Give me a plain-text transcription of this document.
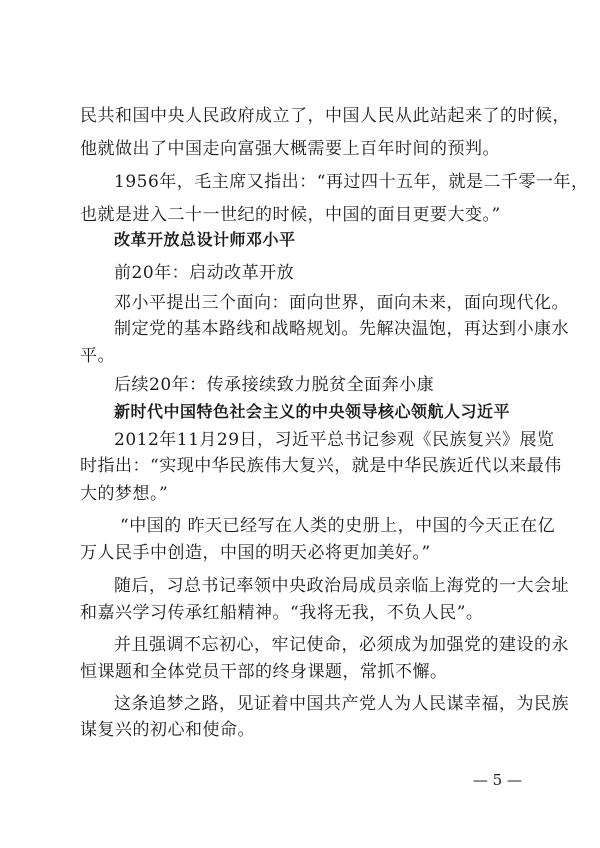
民共和国中央人民政府成立了，中国人民从此站起来了的时候，
他就做出了中国走向富强大概需要上百年时间的预判。
1956年，毛主席又指出：“再过四十五年，就是二千零一年，
也就是进入二十一世纪的时候，中国的面目更要大变。”
改革开放总设计师邓小平
前20年：启动改革开放
邓小平提出三个面向：面向世界，面向未来，面向现代化。
制定党的基本路线和战略规划。先解决温饱，再达到小康水
平。
后续20年：传承接续致力脱贫全面奔小康
新时代中国特色社会主义的中央领导核心领航人习近平
2012年11月29日，习近平总书记参观《民族复兴》展览
时指出：“实现中华民族伟大复兴，就是中华民族近代以来最伟
大的梦想。”
“中国的 昨天已经写在人类的史册上，中国的今天正在亿
万人民手中创造，中国的明天必将更加美好。”
随后，习总书记率领中央政治局成员亲临上海党的一大会址
和嘉兴学习传承红船精神。“我将无我，不负人民”。
并且强调不忘初心，牢记使命，必须成为加强党的建设的永
恒课题和全体党员干部的终身课题，常抓不懈。
这条追梦之路，见证着中国共产党人为人民谋幸福，为民族
谋复兴的初心和使命。
— 5 —
